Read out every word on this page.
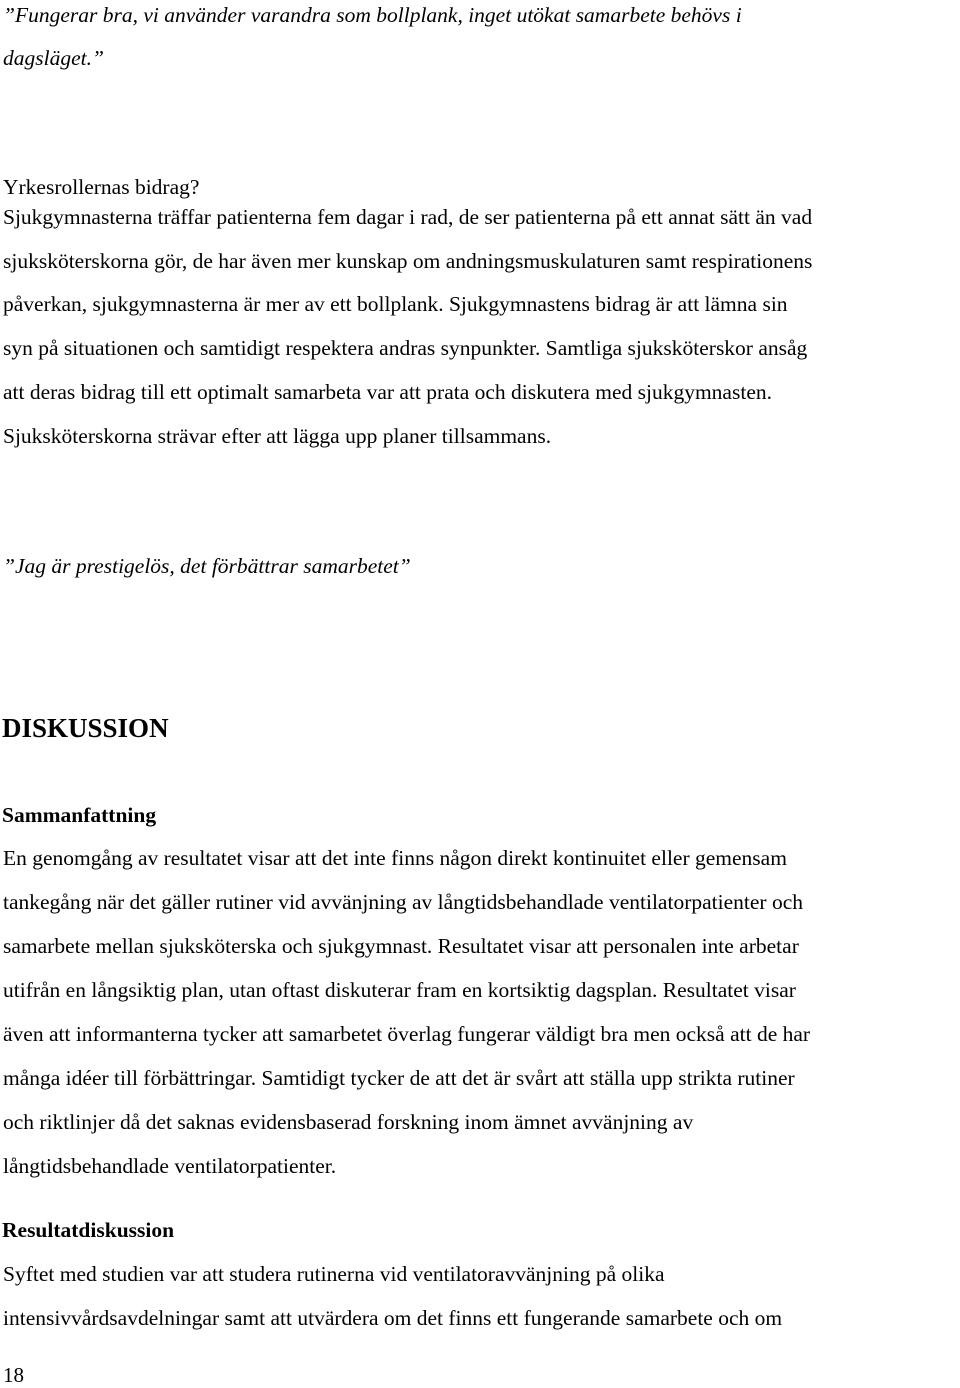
”Fungerar bra, vi använder varandra som bollplank, inget utökat samarbete behövs i

dagsläget.”

Yrkesrollernas bidrag?

Sjukgymnasterna träffar patienterna fem dagar i rad, de ser patienterna på ett annat sätt än vad

sjuksköterskorna gör, de har även mer kunskap om andningsmuskulaturen samt respirationens

påverkan, sjukgymnasterna är mer av ett bollplank. Sjukgymnastens bidrag är att lämna sin

syn på situationen och samtidigt respektera andras synpunkter. Samtliga sjuksköterskor ansåg

att deras bidrag till ett optimalt samarbeta var att prata och diskutera med sjukgymnasten.

Sjuksköterskorna strävar efter att lägga upp planer tillsammans.

”Jag är prestigelös, det förbättrar samarbetet”

DISKUSSION
Sammanfattning

En genomgång av resultatet visar att det inte finns någon direkt kontinuitet eller gemensam

tankegång när det gäller rutiner vid avvänjning av långtidsbehandlade ventilatorpatienter och

samarbete mellan sjuksköterska och sjukgymnast. Resultatet visar att personalen inte arbetar

utifrån en långsiktig plan, utan oftast diskuterar fram en kortsiktig dagsplan. Resultatet visar

även att informanterna tycker att samarbetet överlag fungerar väldigt bra men också att de har

många idéer till förbättringar. Samtidigt tycker de att det är svårt att ställa upp strikta rutiner

och riktlinjer då det saknas evidensbaserad forskning inom ämnet avvänjning av

långtidsbehandlade ventilatorpatienter.

Resultatdiskussion

Syftet med studien var att studera rutinerna vid ventilatoravvänjning på olika

intensivvårdsavdelningar samt att utvärdera om det finns ett fungerande samarbete och om

18
